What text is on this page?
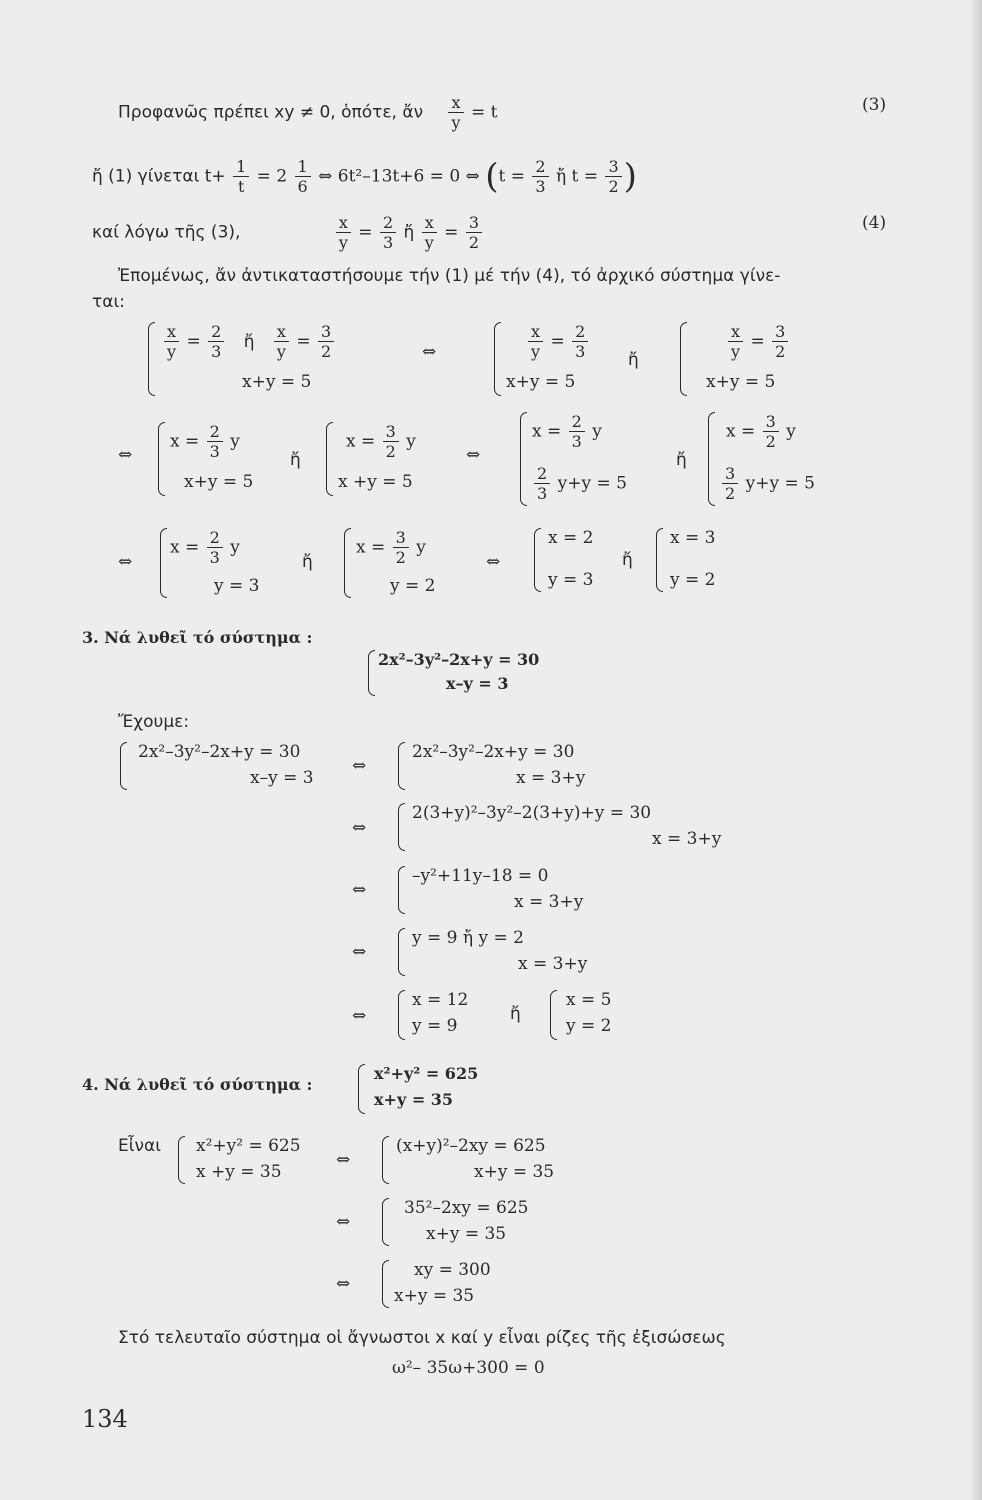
Προφανῶς πρέπει xy ≠ 0, ὁπότε, ἄν $\frac{x}{y} = t$	(3)
ἤ (1) γίνεται $t+ \frac{1}{t} = 2 \frac{1}{6}$ ⇔ 6t²–13t+6 = 0 ⇔ ($t = \frac{2}{3}$ ἤ $t = \frac{3}{2}$ )
καί λόγω τῆς (3),	$\frac{x}{y} = \frac{2}{3}$ ἤ $\frac{x}{y} = \frac{3}{2}$	(4)
Ἐπομένως, ἄν ἀντικαταστήσουμε τήν (1) μέ τήν (4), τό ἀρχικό σύστημα γίνε-
ται:
$\frac{x}{y} = \frac{2}{3}$ ἤ $\frac{x}{y} = \frac{3}{2}$
x+y = 5
⇔	$\frac{x}{y} = \frac{2}{3}$
x+y = 5
ἤ	$\frac{x}{y} = \frac{3}{2}$
x+y = 5
⇔
$x = \frac{2}{3}$ y
x+y = 5
ἤ
$x = \frac{3}{2}$ y
x +y = 5
⇔
$x = \frac{2}{3}$ y
$\frac{2}{3} y+y = 5$
ἤ
$x = \frac{3}{2}$ y
$\frac{3}{2} y+y = 5$
⇔
$x = \frac{2}{3}$ y
y = 3
ἤ
$x = \frac{3}{2}$ y
y = 2
⇔
x = 2
y = 3
ἤ
x = 3
y = 2
3. Νά λυθεῖ τό σύστημα :
2x²–3y²–2x+y = 30
x–y = 3
Ἔχουμε:
2x²–3y²–2x+y = 30
x–y = 3
⇔
2x²–3y²–2x+y = 30
x = 3+y
⇔
2(3+y)²–3y²–2(3+y)+y = 30
x = 3+y
⇔
–y²+11y–18 = 0
x = 3+y
⇔
y = 9 ἤ y = 2
x = 3+y
⇔
x = 12
y = 9
ἤ
x = 5
y = 2
4. Νά λυθεῖ τό σύστημα :
x²+y² = 625
x+y = 35
Εἶναι x²+y² = 625
x +y = 35
⇔
(x+y)²–2xy = 625
x+y = 35
⇔
35²–2xy = 625
x+y = 35
⇔
xy = 300
x+y = 35
Στό τελευταῖο σύστημα οἱ ἄγνωστοι x καί y εἶναι ρίζες τῆς ἐξισώσεως
ω²– 35ω+300 = 0
134
